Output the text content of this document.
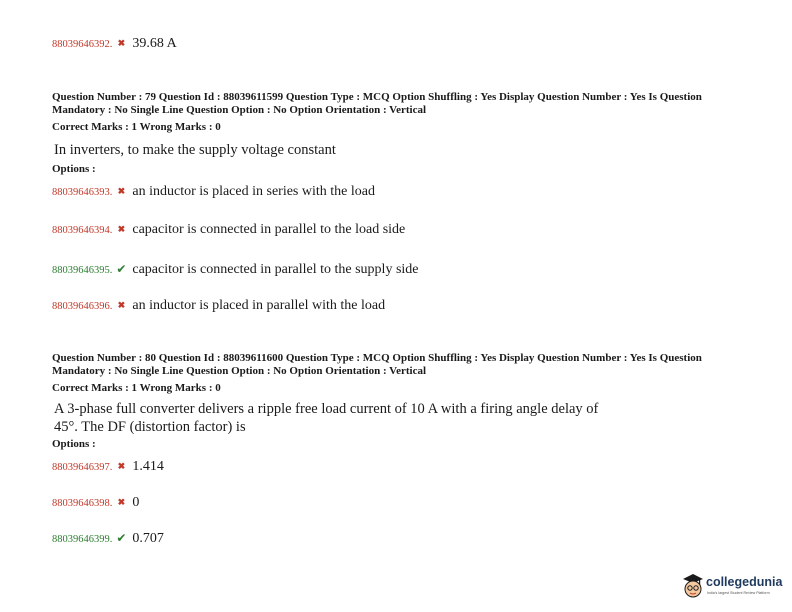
88039646392. ✖ 39.68 A
Question Number : 79 Question Id : 88039611599 Question Type : MCQ Option Shuffling : Yes Display Question Number : Yes Is Question Mandatory : No Single Line Question Option : No Option Orientation : Vertical
Correct Marks : 1 Wrong Marks : 0
In inverters, to make the supply voltage constant
Options :
88039646393. ✖ an inductor is placed in series with the load
88039646394. ✖ capacitor is connected in parallel to the load side
88039646395. ✔ capacitor is connected in parallel to the supply side
88039646396. ✖ an inductor is placed in parallel with the load
Question Number : 80 Question Id : 88039611600 Question Type : MCQ Option Shuffling : Yes Display Question Number : Yes Is Question Mandatory : No Single Line Question Option : No Option Orientation : Vertical
Correct Marks : 1 Wrong Marks : 0
A 3-phase full converter delivers a ripple free load current of 10 A with a firing angle delay of 45°. The DF (distortion factor) is
Options :
88039646397. ✖ 1.414
88039646398. ✖ 0
88039646399. ✔ 0.707
collegedunia
India's largest Student Review Platform
